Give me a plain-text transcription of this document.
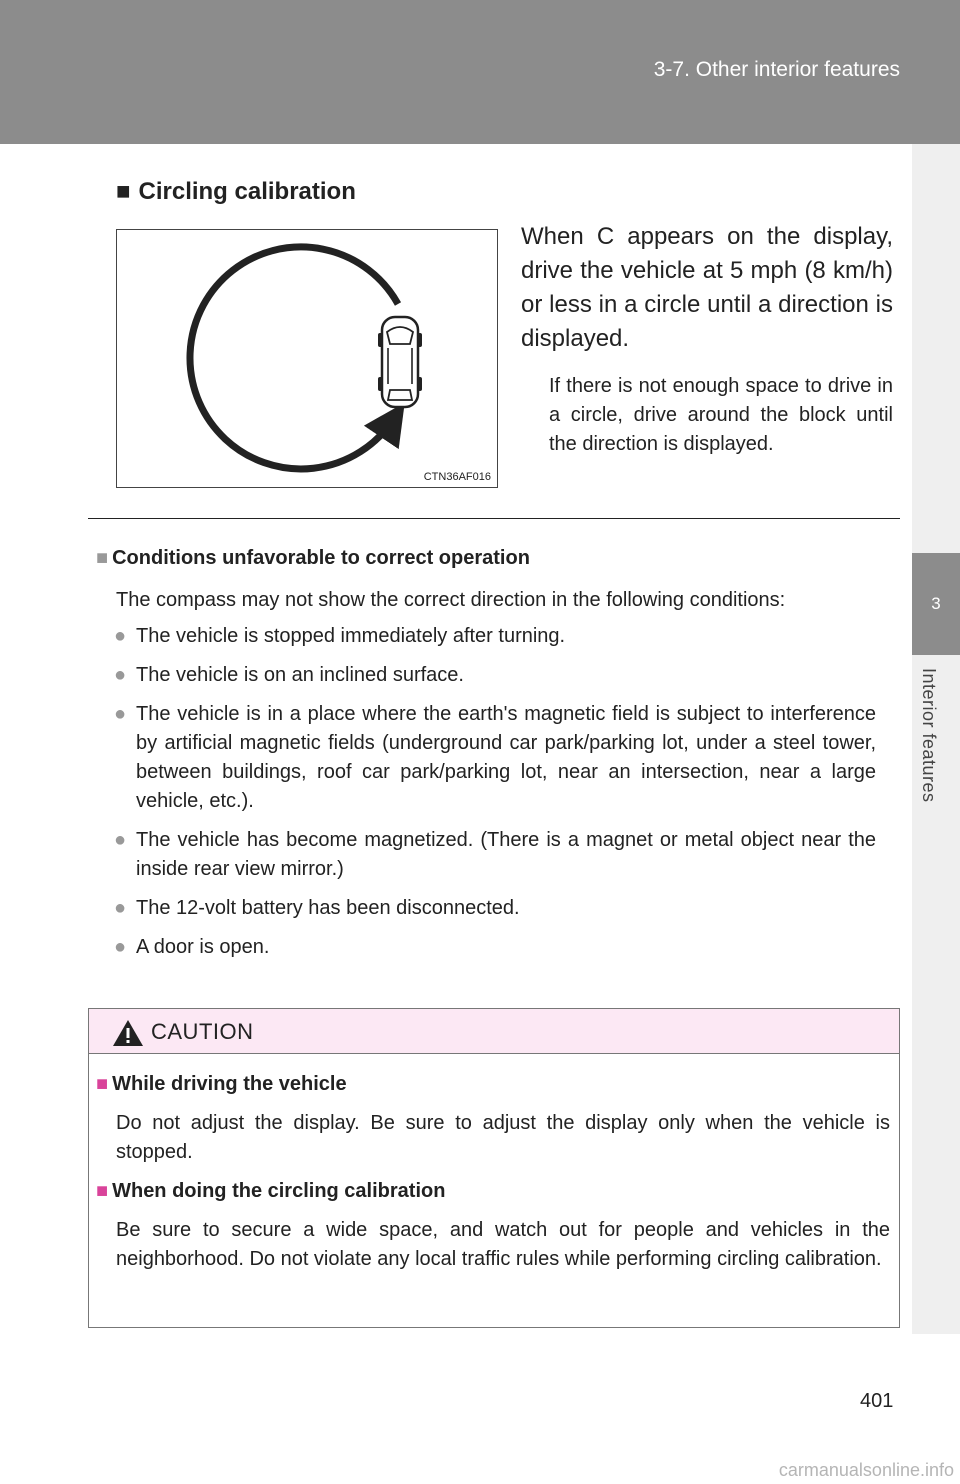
3-7. Other interior features
3
Interior features
■ Circling calibration
CTN36AF016
When C appears on the display, drive the vehicle at 5 mph (8 km/h) or less in a circle until a direction is displayed.
If there is not enough space to drive in a circle, drive around the block until the direction is displayed.
■ Conditions unfavorable to correct operation
The compass may not show the correct direction in the following conditions:
● The vehicle is stopped immediately after turning.
● The vehicle is on an inclined surface.
● The vehicle is in a place where the earth's magnetic field is subject to interference by artificial magnetic fields (underground car park/parking lot, under a steel tower, between buildings, roof car park/parking lot, near an intersection, near a large vehicle, etc.).
● The vehicle has become magnetized. (There is a magnet or metal object near the inside rear view mirror.)
● The 12-volt battery has been disconnected.
● A door is open.
CAUTION
■ While driving the vehicle
Do not adjust the display. Be sure to adjust the display only when the vehicle is stopped.
■ When doing the circling calibration
Be sure to secure a wide space, and watch out for people and vehicles in the neighborhood. Do not violate any local traffic rules while performing circling calibration.
401
carmanualsonline.info
